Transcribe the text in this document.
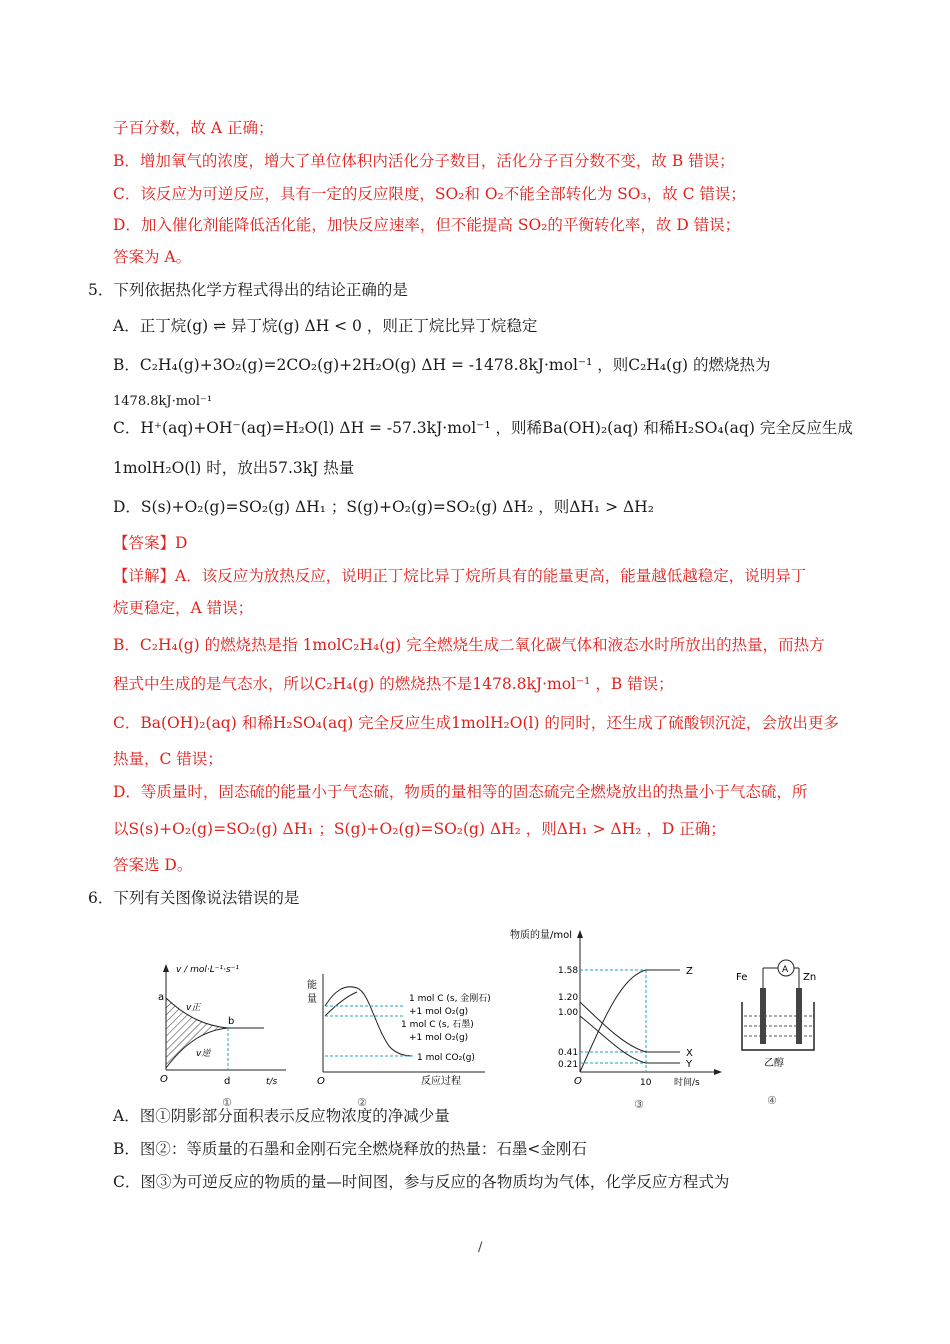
子百分数，故 A 正确；
B．增加氧气的浓度，增大了单位体积内活化分子数目，活化分子百分数不变，故 B 错误；
C．该反应为可逆反应，具有一定的反应限度，SO₂和 O₂不能全部转化为 SO₃，故 C 错误；
D．加入催化剂能降低活化能，加快反应速率，但不能提高 SO₂的平衡转化率，故 D 错误；
答案为 A。
5．下列依据热化学方程式得出的结论正确的是
A．正丁烷(g) ⇌ 异丁烷(g) ΔH < 0 ，则正丁烷比异丁烷稳定
B．C₂H₄(g)+3O₂(g)=2CO₂(g)+2H₂O(g) ΔH = -1478.8kJ·mol⁻¹ ，则C₂H₄(g) 的燃烧热为
1478.8kJ·mol⁻¹
C．H⁺(aq)+OH⁻(aq)=H₂O(l) ΔH = -57.3kJ·mol⁻¹ ，则稀Ba(OH)₂(aq) 和稀H₂SO₄(aq) 完全反应生成
1molH₂O(l) 时，放出57.3kJ 热量
D．S(s)+O₂(g)=SO₂(g) ΔH₁ ；S(g)+O₂(g)=SO₂(g) ΔH₂ ，则ΔH₁ > ΔH₂
【答案】D
【详解】A．该反应为放热反应，说明正丁烷比异丁烷所具有的能量更高，能量越低越稳定，说明异丁
烷更稳定，A 错误；
B．C₂H₄(g) 的燃烧热是指 1molC₂H₄(g) 完全燃烧生成二氧化碳气体和液态水时所放出的热量，而热方
程式中生成的是气态水，所以C₂H₄(g) 的燃烧热不是1478.8kJ·mol⁻¹ ，B 错误；
C．Ba(OH)₂(aq) 和稀H₂SO₄(aq) 完全反应生成1molH₂O(l) 的同时，还生成了硫酸钡沉淀，会放出更多
热量，C 错误；
D．等质量时，固态硫的能量小于气态硫，物质的量相等的固态硫完全燃烧放出的热量小于气态硫，所
以S(s)+O₂(g)=SO₂(g) ΔH₁ ；S(g)+O₂(g)=SO₂(g) ΔH₂ ，则ΔH₁ > ΔH₂ ，D 正确；
答案选 D。
6．下列有关图像说法错误的是
v / mol·L⁻¹·s⁻¹
a
b
v正
v逆
O	d	t/s
①
能
量	1 mol C (s, 金刚石)
+1 mol O₂(g)
1 mol C (s, 石墨)
+1 mol O₂(g)
1 mol CO₂(g)
O	反应过程
②
物质的量/mol
1.58
1.20
1.00
0.41
0.21
O	10	时间/s
Z
X
Y
③
Fe	Zn
A
乙醇
④
A．图①阴影部分面积表示反应物浓度的净减少量
B．图②：等质量的石墨和金刚石完全燃烧释放的热量：石墨<金刚石
C．图③为可逆反应的物质的量—时间图，参与反应的各物质均为气体，化学反应方程式为
/
